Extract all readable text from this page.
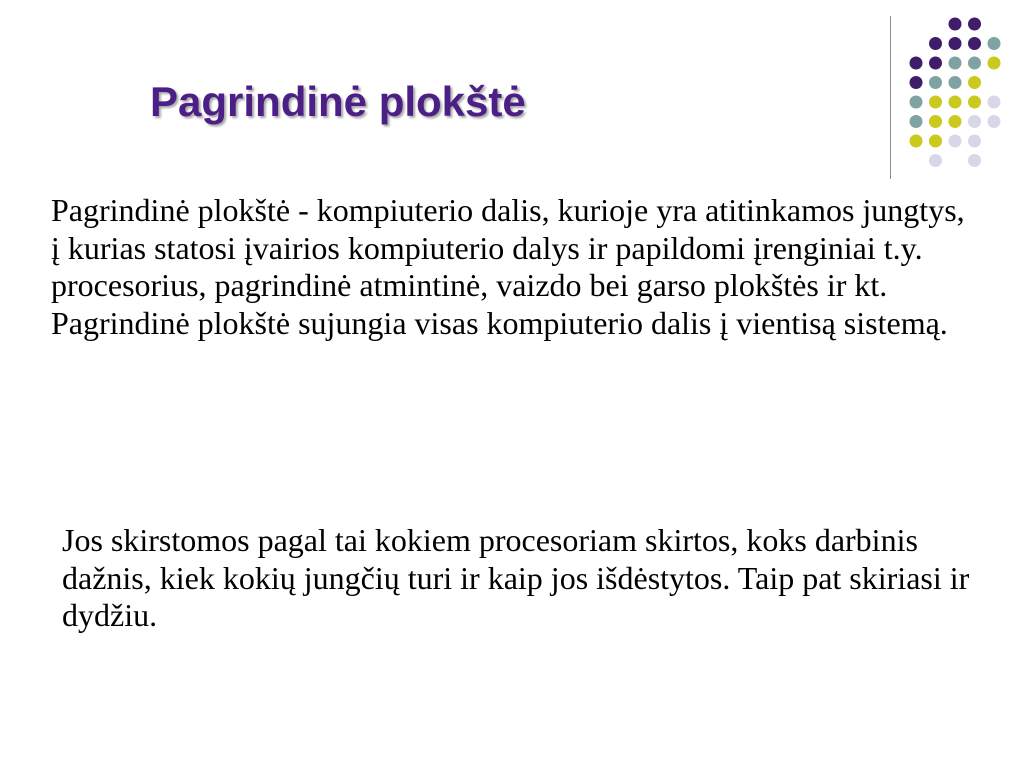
Pagrindinė plokštė

Pagrindinė plokštė - kompiuterio dalis, kurioje yra atitinkamos jungtys, į kurias statosi įvairios kompiuterio dalys ir papildomi įrenginiai t.y. procesorius, pagrindinė atmintinė, vaizdo bei garso plokštės ir kt. Pagrindinė plokštė sujungia visas kompiuterio dalis į vientisą sistemą.

Jos skirstomos pagal tai kokiem procesoriam skirtos, koks darbinis dažnis, kiek kokių jungčių turi ir kaip jos išdėstytos. Taip pat skiriasi ir dydžiu.
